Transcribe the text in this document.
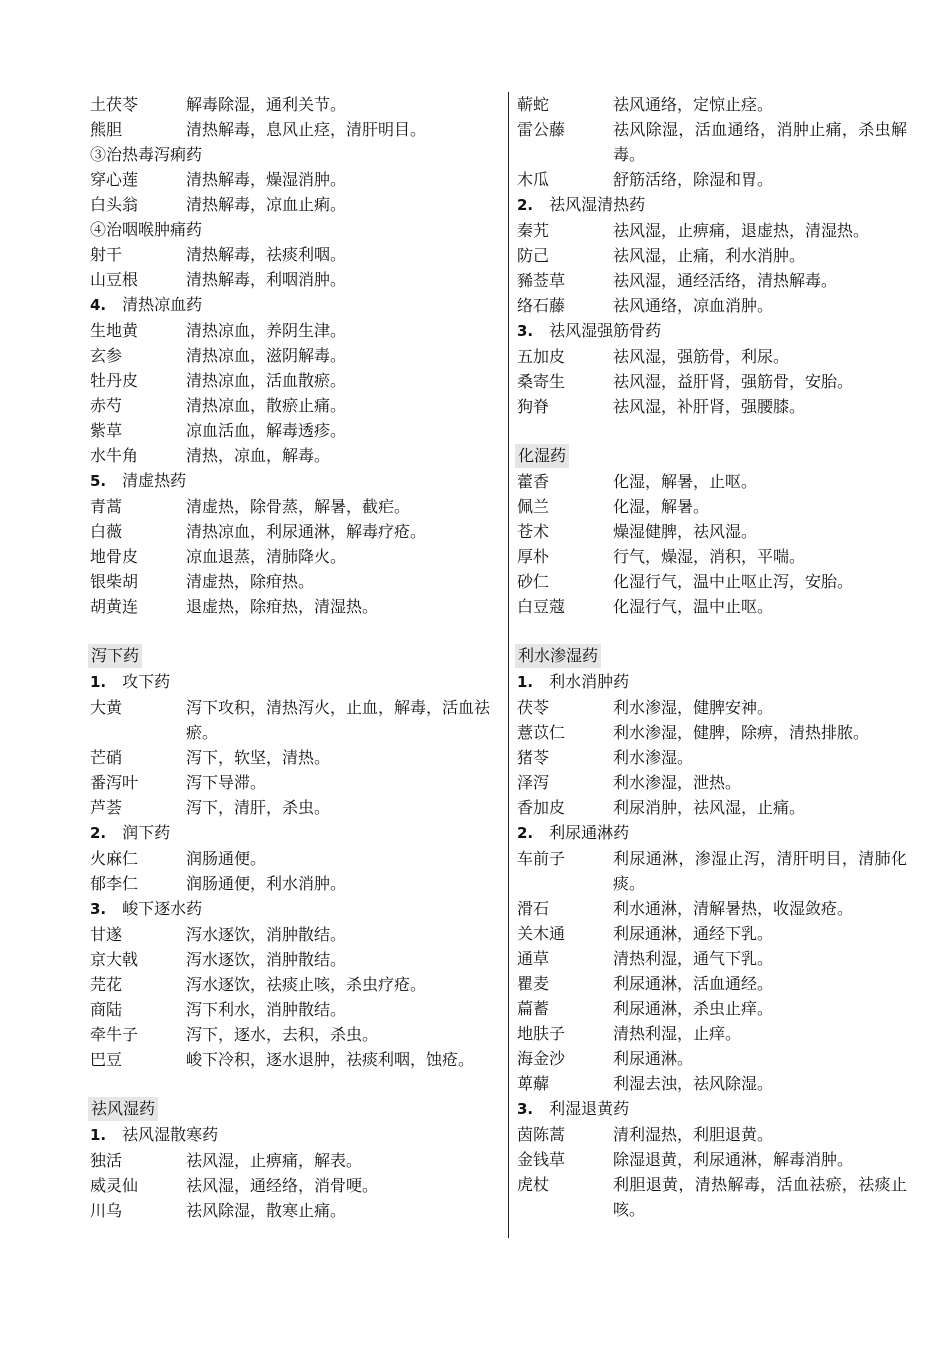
土茯苓	解毒除湿，通利关节。
熊胆	清热解毒，息风止痉，清肝明目。
③治热毒泻痢药
穿心莲	清热解毒，燥湿消肿。
白头翁	清热解毒，凉血止痢。
④治咽喉肿痛药
射干	清热解毒，祛痰利咽。
山豆根	清热解毒，利咽消肿。
4. 清热凉血药
生地黄	清热凉血，养阴生津。
玄参	清热凉血，滋阴解毒。
牡丹皮	清热凉血，活血散瘀。
赤芍	清热凉血，散瘀止痛。
紫草	凉血活血，解毒透疹。
水牛角	清热，凉血，解毒。
5. 清虚热药
青蒿	清虚热，除骨蒸，解暑，截疟。
白薇	清热凉血，利尿通淋，解毒疗疮。
地骨皮	凉血退蒸，清肺降火。
银柴胡	清虚热，除疳热。
胡黄连	退虚热，除疳热，清湿热。
泻下药
1. 攻下药
大黄	泻下攻积，清热泻火，止血，解毒，活血祛瘀。
芒硝	泻下，软坚，清热。
番泻叶	泻下导滞。
芦荟	泻下，清肝，杀虫。
2. 润下药
火麻仁	润肠通便。
郁李仁	润肠通便，利水消肿。
3. 峻下逐水药
甘遂	泻水逐饮，消肿散结。
京大戟	泻水逐饮，消肿散结。
芫花	泻水逐饮，祛痰止咳，杀虫疗疮。
商陆	泻下利水，消肿散结。
牵牛子	泻下，逐水，去积，杀虫。
巴豆	峻下冷积，逐水退肿，祛痰利咽，蚀疮。
祛风湿药
1. 祛风湿散寒药
独活	祛风湿，止痹痛，解表。
威灵仙	祛风湿，通经络，消骨哽。
川乌	祛风除湿，散寒止痛。
蕲蛇	祛风通络，定惊止痉。
雷公藤	祛风除湿，活血通络，消肿止痛，杀虫解毒。
木瓜	舒筋活络，除湿和胃。
2. 祛风湿清热药
秦艽	祛风湿，止痹痛，退虚热，清湿热。
防己	祛风湿，止痛，利水消肿。
豨莶草	祛风湿，通经活络，清热解毒。
络石藤	祛风通络，凉血消肿。
3. 祛风湿强筋骨药
五加皮	祛风湿，强筋骨，利尿。
桑寄生	祛风湿，益肝肾，强筋骨，安胎。
狗脊	祛风湿，补肝肾，强腰膝。
化湿药
藿香	化湿，解暑，止呕。
佩兰	化湿，解暑。
苍术	燥湿健脾，祛风湿。
厚朴	行气，燥湿，消积，平喘。
砂仁	化湿行气，温中止呕止泻，安胎。
白豆蔻	化湿行气，温中止呕。
利水渗湿药
1. 利水消肿药
茯苓	利水渗湿，健脾安神。
薏苡仁	利水渗湿，健脾，除痹，清热排脓。
猪苓	利水渗湿。
泽泻	利水渗湿，泄热。
香加皮	利尿消肿，祛风湿，止痛。
2. 利尿通淋药
车前子	利尿通淋，渗湿止泻，清肝明目，清肺化痰。
滑石	利水通淋，清解暑热，收湿敛疮。
关木通	利尿通淋，通经下乳。
通草	清热利湿，通气下乳。
瞿麦	利尿通淋，活血通经。
萹蓄	利尿通淋，杀虫止痒。
地肤子	清热利湿，止痒。
海金沙	利尿通淋。
萆薢	利湿去浊，祛风除湿。
3. 利湿退黄药
茵陈蒿	清利湿热，利胆退黄。
金钱草	除湿退黄，利尿通淋，解毒消肿。
虎杖	利胆退黄，清热解毒，活血祛瘀，祛痰止咳。
